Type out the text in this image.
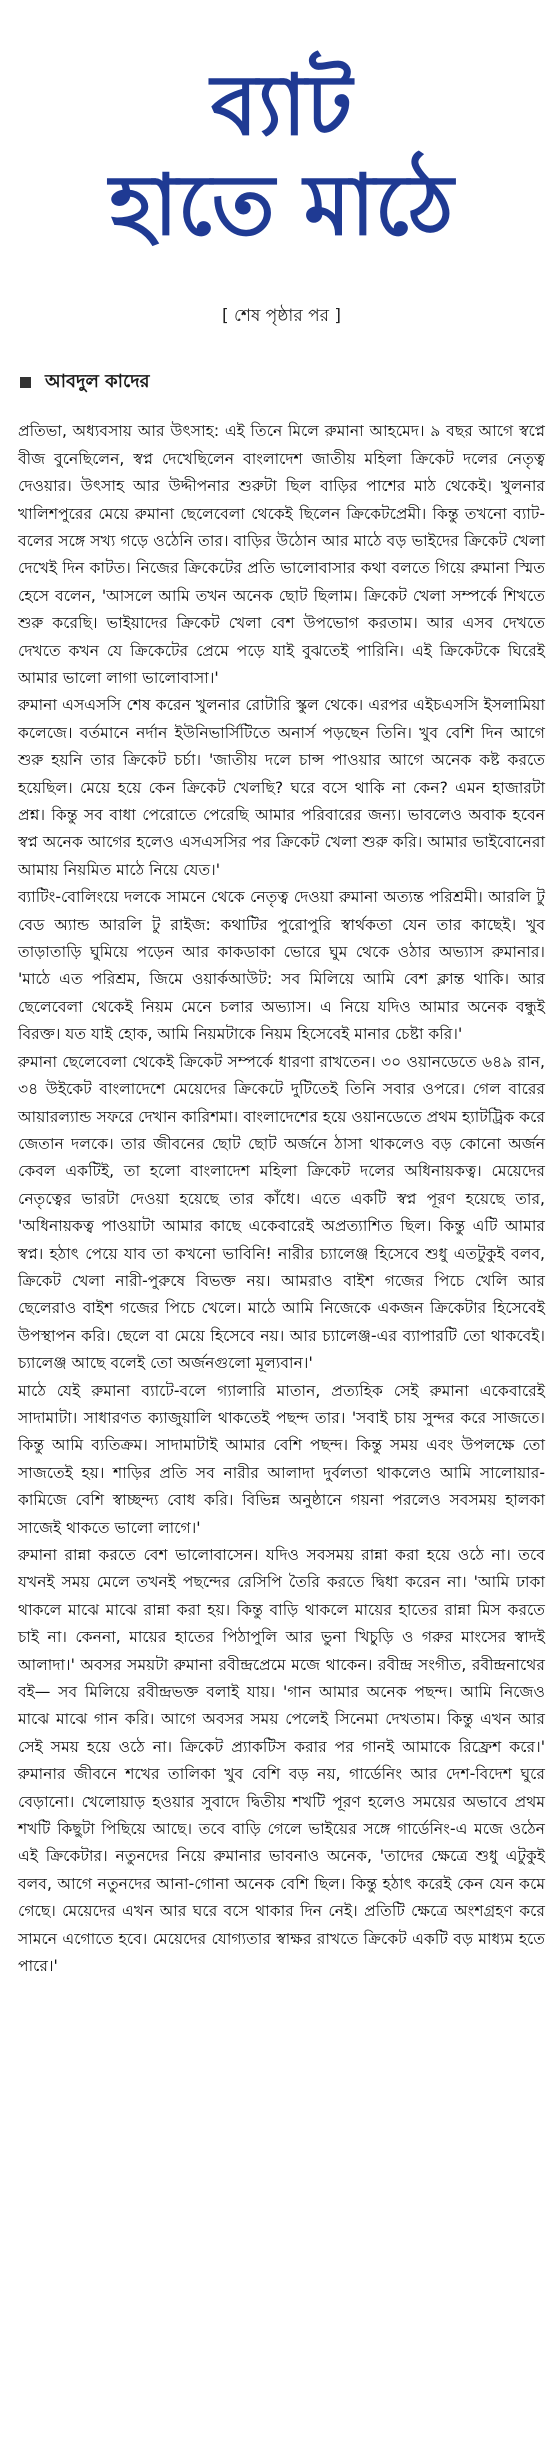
ব্যাট
হাতে মাঠে
[ শেষ পৃষ্ঠার পর ]
আবদুল কাদের

প্রতিভা, অধ্যবসায় আর উৎসাহ: এই তিনে মিলে রুমানা আহমেদ। ৯ বছর আগে স্বপ্নে বীজ বুনেছিলেন, স্বপ্ন দেখেছিলেন বাংলাদেশ জাতীয় মহিলা ক্রিকেট দলের নেতৃত্ব দেওয়ার। উৎসাহ আর উদ্দীপনার শুরুটা ছিল বাড়ির পাশের মাঠ থেকেই। খুলনার খালিশপুরের মেয়ে রুমানা ছেলেবেলা থেকেই ছিলেন ক্রিকেটপ্রেমী। কিন্তু তখনো ব্যাট-বলের সঙ্গে সখ্য গড়ে ওঠেনি তার। বাড়ির উঠোন আর মাঠে বড় ভাইদের ক্রিকেট খেলা দেখেই দিন কাটত। নিজের ক্রিকেটের প্রতি ভালোবাসার কথা বলতে গিয়ে রুমানা স্মিত হেসে বলেন, 'আসলে আমি তখন অনেক ছোট ছিলাম। ক্রিকেট খেলা সম্পর্কে শিখতে শুরু করেছি। ভাইয়াদের ক্রিকেট খেলা বেশ উপভোগ করতাম। আর এসব দেখতে দেখতে কখন যে ক্রিকেটের প্রেমে পড়ে যাই বুঝতেই পারিনি। এই ক্রিকেটকে ঘিরেই আমার ভালো লাগা ভালোবাসা।'

রুমানা এসএসসি শেষ করেন খুলনার রোটারি স্কুল থেকে। এরপর এইচএসসি ইসলামিয়া কলেজে। বর্তমানে নর্দান ইউনিভার্সিটিতে অনার্স পড়ছেন তিনি। খুব বেশি দিন আগে শুরু হয়নি তার ক্রিকেট চর্চা। 'জাতীয় দলে চান্স পাওয়ার আগে অনেক কষ্ট করতে হয়েছিল। মেয়ে হয়ে কেন ক্রিকেট খেলছি? ঘরে বসে থাকি না কেন? এমন হাজারটা প্রশ্ন। কিন্তু সব বাধা পেরোতে পেরেছি আমার পরিবারের জন্য। ভাবলেও অবাক হবেন স্বপ্ন অনেক আগের হলেও এসএসসির পর ক্রিকেট খেলা শুরু করি। আমার ভাইবোনেরা আমায় নিয়মিত মাঠে নিয়ে যেত।'

ব্যাটিং-বোলিংয়ে দলকে সামনে থেকে নেতৃত্ব দেওয়া রুমানা অত্যন্ত পরিশ্রমী। আরলি টু বেড অ্যান্ড আরলি টু রাইজ: কথাটির পুরোপুরি স্বার্থকতা যেন তার কাছেই। খুব তাড়াতাড়ি ঘুমিয়ে পড়েন আর কাকডাকা ভোরে ঘুম থেকে ওঠার অভ্যাস রুমানার। 'মাঠে এত পরিশ্রম, জিমে ওয়ার্কআউট: সব মিলিয়ে আমি বেশ ক্লান্ত থাকি। আর ছেলেবেলা থেকেই নিয়ম মেনে চলার অভ্যাস। এ নিয়ে যদিও আমার অনেক বন্ধুই বিরক্ত। যত যাই হোক, আমি নিয়মটাকে নিয়ম হিসেবেই মানার চেষ্টা করি।'

রুমানা ছেলেবেলা থেকেই ক্রিকেট সম্পর্কে ধারণা রাখতেন। ৩০ ওয়ানডেতে ৬৪৯ রান, ৩৪ উইকেট বাংলাদেশে মেয়েদের ক্রিকেটে দুটিতেই তিনি সবার ওপরে। গেল বারের আয়ারল্যান্ড সফরে দেখান কারিশমা। বাংলাদেশের হয়ে ওয়ানডেতে প্রথম হ্যাটট্রিক করে জেতান দলকে। তার জীবনের ছোট ছোট অর্জনে ঠাসা থাকলেও বড় কোনো অর্জন কেবল একটিই, তা হলো বাংলাদেশ মহিলা ক্রিকেট দলের অধিনায়কত্ব। মেয়েদের নেতৃত্বের ভারটা দেওয়া হয়েছে তার কাঁধে। এতে একটি স্বপ্ন পূরণ হয়েছে তার, 'অধিনায়কত্ব পাওয়াটা আমার কাছে একেবারেই অপ্রত্যাশিত ছিল। কিন্তু এটি আমার স্বপ্ন। হঠাৎ পেয়ে যাব তা কখনো ভাবিনি! নারীর চ্যালেঞ্জ হিসেবে শুধু এতটুকুই বলব, ক্রিকেট খেলা নারী-পুরুষে বিভক্ত নয়। আমরাও বাইশ গজের পিচে খেলি আর ছেলেরাও বাইশ গজের পিচে খেলে। মাঠে আমি নিজেকে একজন ক্রিকেটার হিসেবেই উপস্থাপন করি। ছেলে বা মেয়ে হিসেবে নয়। আর চ্যালেঞ্জ-এর ব্যাপারটি তো থাকবেই। চ্যালেঞ্জ আছে বলেই তো অর্জনগুলো মূল্যবান।'

মাঠে যেই রুমানা ব্যাটে-বলে গ্যালারি মাতান, প্রত্যহিক সেই রুমানা একেবারেই সাদামাটা। সাধারণত ক্যাজুয়ালি থাকতেই পছন্দ তার। 'সবাই চায় সুন্দর করে সাজতে। কিন্তু আমি ব্যতিক্রম। সাদামাটাই আমার বেশি পছন্দ। কিন্তু সময় এবং উপলক্ষে তো সাজতেই হয়। শাড়ির প্রতি সব নারীর আলাদা দুর্বলতা থাকলেও আমি সালোয়ার-কামিজে বেশি স্বাচ্ছন্দ্য বোধ করি। বিভিন্ন অনুষ্ঠানে গয়না পরলেও সবসময় হালকা সাজেই থাকতে ভালো লাগে।'

রুমানা রান্না করতে বেশ ভালোবাসেন। যদিও সবসময় রান্না করা হয়ে ওঠে না। তবে যখনই সময় মেলে তখনই পছন্দের রেসিপি তৈরি করতে দ্বিধা করেন না। 'আমি ঢাকা থাকলে মাঝে মাঝে রান্না করা হয়। কিন্তু বাড়ি থাকলে মায়ের হাতের রান্না মিস করতে চাই না। কেননা, মায়ের হাতের পিঠাপুলি আর ভুনা খিচুড়ি ও গরুর মাংসের স্বাদই আলাদা।' অবসর সময়টা রুমানা রবীন্দ্রপ্রেমে মজে থাকেন। রবীন্দ্র সংগীত, রবীন্দ্রনাথের বই— সব মিলিয়ে রবীন্দ্রভক্ত বলাই যায়। 'গান আমার অনেক পছন্দ। আমি নিজেও মাঝে মাঝে গান করি। আগে অবসর সময় পেলেই সিনেমা দেখতাম। কিন্তু এখন আর সেই সময় হয়ে ওঠে না। ক্রিকেট প্র্যাকটিস করার পর গানই আমাকে রিফ্রেশ করে।' রুমানার জীবনে শখের তালিকা খুব বেশি বড় নয়, গার্ডেনিং আর দেশ-বিদেশ ঘুরে বেড়ানো। খেলোয়াড় হওয়ার সুবাদে দ্বিতীয় শখটি পূরণ হলেও সময়ের অভাবে প্রথম শখটি কিছুটা পিছিয়ে আছে। তবে বাড়ি গেলে ভাইয়ের সঙ্গে গার্ডেনিং-এ মজে ওঠেন এই ক্রিকেটার। নতুনদের নিয়ে রুমানার ভাবনাও অনেক, 'তাদের ক্ষেত্রে শুধু এটুকুই বলব, আগে নতুনদের আনা-গোনা অনেক বেশি ছিল। কিন্তু হঠাৎ করেই কেন যেন কমে গেছে। মেয়েদের এখন আর ঘরে বসে থাকার দিন নেই। প্রতিটি ক্ষেত্রে অংশগ্রহণ করে সামনে এগোতে হবে। মেয়েদের যোগ্যতার স্বাক্ষর রাখতে ক্রিকেট একটি বড় মাধ্যম হতে পারে।'
